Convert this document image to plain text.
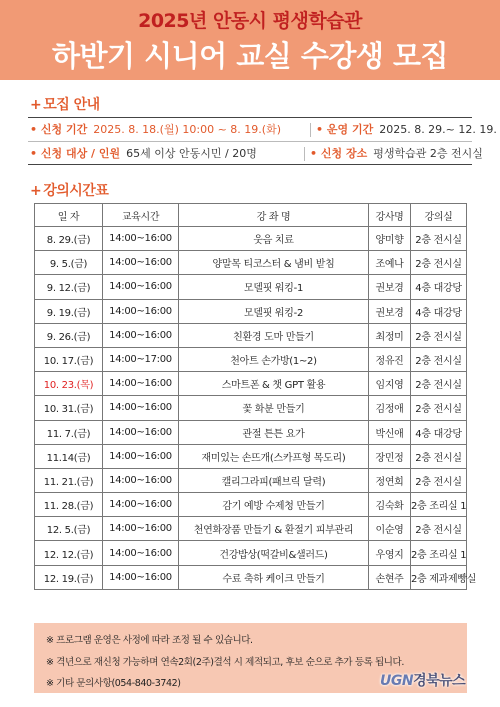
2025년 안동시 평생학습관
하반기 시니어 교실 수강생 모집
+ 모집 안내
• 신청 기간 2025. 8. 18.(월) 10:00 ~ 8. 19.(화)	• 운영 기간 2025. 8. 29.~ 12. 19.
• 신청 대상 / 인원 65세 이상 안동시민 / 20명	• 신청 장소 평생학습관 2층 전시실
+ 강의시간표
일 자	교육시간	강 좌 명	강사명	강의실
8. 29.(금)	14:00~16:00	웃음 치료	양미향	2층 전시실
9. 5.(금)	14:00~16:00	양말목 티코스터 & 냄비 받침	조예나	2층 전시실
9. 12.(금)	14:00~16:00	모델핏 워킹-1	권보경	4층 대강당
9. 19.(금)	14:00~16:00	모델핏 워킹-2	권보경	4층 대강당
9. 26.(금)	14:00~16:00	친환경 도마 만들기	최정미	2층 전시실
10. 17.(금)	14:00~17:00	천아트 손가방(1~2)	정유진	2층 전시실
10. 23.(목)	14:00~16:00	스마트폰 & 챗 GPT 활용	임지영	2층 전시실
10. 31.(금)	14:00~16:00	꽃 화분 만들기	김정애	2층 전시실
11. 7.(금)	14:00~16:00	관절 튼튼 요가	박신애	4층 대강당
11.14(금)	14:00~16:00	재미있는 손뜨개(스카프형 목도리)	장민정	2층 전시실
11. 21.(금)	14:00~16:00	캘리그라피(패브릭 달력)	정연희	2층 전시실
11. 28.(금)	14:00~16:00	감기 예방 수제청 만들기	김숙화	2층 조리실 1
12. 5.(금)	14:00~16:00	천연화장품 만들기 & 환절기 피부관리	이순영	2층 전시실
12. 12.(금)	14:00~16:00	건강밥상(떡갈비&샐러드)	우영지	2층 조리실 1
12. 19.(금)	14:00~16:00	수료 축하 케이크 만들기	손현주	2층 제과제빵실
※ 프로그램 운영은 사정에 따라 조정 될 수 있습니다.
※ 격년으로 재신청 가능하며 연속2회(2주)결석 시 제적되고, 후보 순으로 추가 등록 됩니다.
※ 기타 문의사항(054-840-3742)	UGN경북뉴스
